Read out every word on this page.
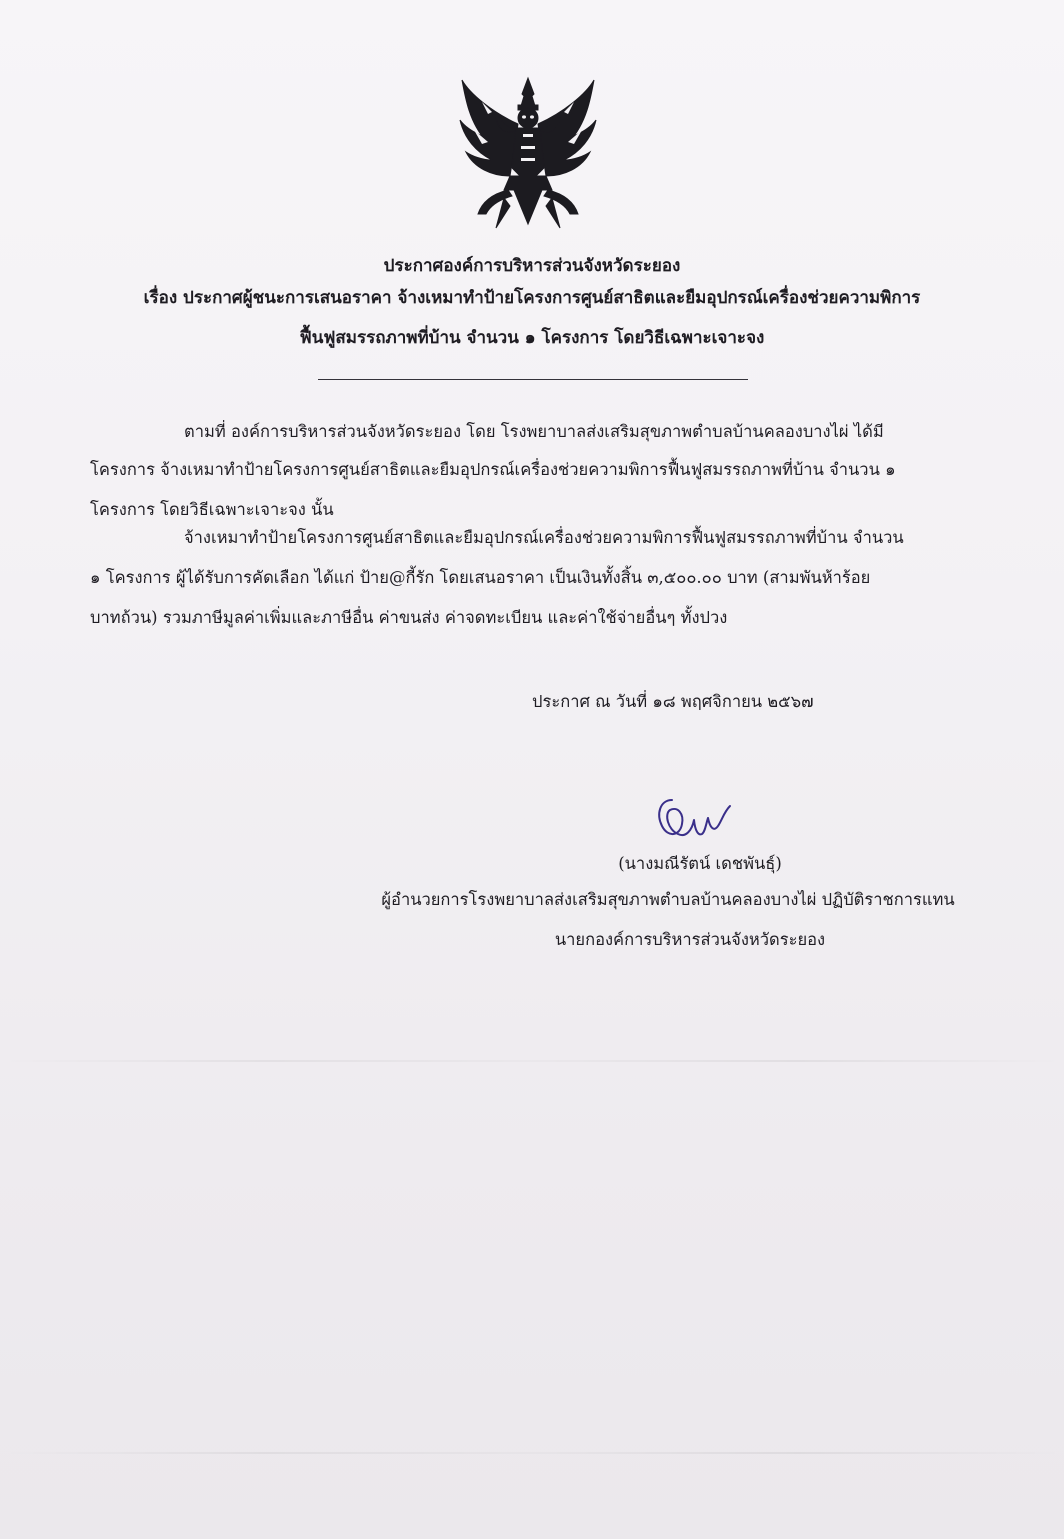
ประกาศองค์การบริหารส่วนจังหวัดระยอง
เรื่อง ประกาศผู้ชนะการเสนอราคา จ้างเหมาทำป้ายโครงการศูนย์สาธิตและยืมอุปกรณ์เครื่องช่วยความพิการ
ฟื้นฟูสมรรถภาพที่บ้าน จำนวน ๑ โครงการ โดยวิธีเฉพาะเจาะจง
ตามที่ องค์การบริหารส่วนจังหวัดระยอง โดย โรงพยาบาลส่งเสริมสุขภาพตำบลบ้านคลองบางไผ่ ได้มี
โครงการ จ้างเหมาทำป้ายโครงการศูนย์สาธิตและยืมอุปกรณ์เครื่องช่วยความพิการฟื้นฟูสมรรถภาพที่บ้าน จำนวน ๑
โครงการ โดยวิธีเฉพาะเจาะจง นั้น
จ้างเหมาทำป้ายโครงการศูนย์สาธิตและยืมอุปกรณ์เครื่องช่วยความพิการฟื้นฟูสมรรถภาพที่บ้าน จำนวน
๑ โครงการ ผู้ได้รับการคัดเลือก ได้แก่ ป้าย@กี้รัก โดยเสนอราคา เป็นเงินทั้งสิ้น ๓,๕๐๐.๐๐ บาท (สามพันห้าร้อย
บาทถ้วน) รวมภาษีมูลค่าเพิ่มและภาษีอื่น ค่าขนส่ง ค่าจดทะเบียน และค่าใช้จ่ายอื่นๆ ทั้งปวง
ประกาศ ณ วันที่ ๑๘ พฤศจิกายน ๒๕๖๗
(นางมณีรัตน์ เดชพันธุ์)
ผู้อำนวยการโรงพยาบาลส่งเสริมสุขภาพตำบลบ้านคลองบางไผ่ ปฏิบัติราชการแทน
นายกองค์การบริหารส่วนจังหวัดระยอง
